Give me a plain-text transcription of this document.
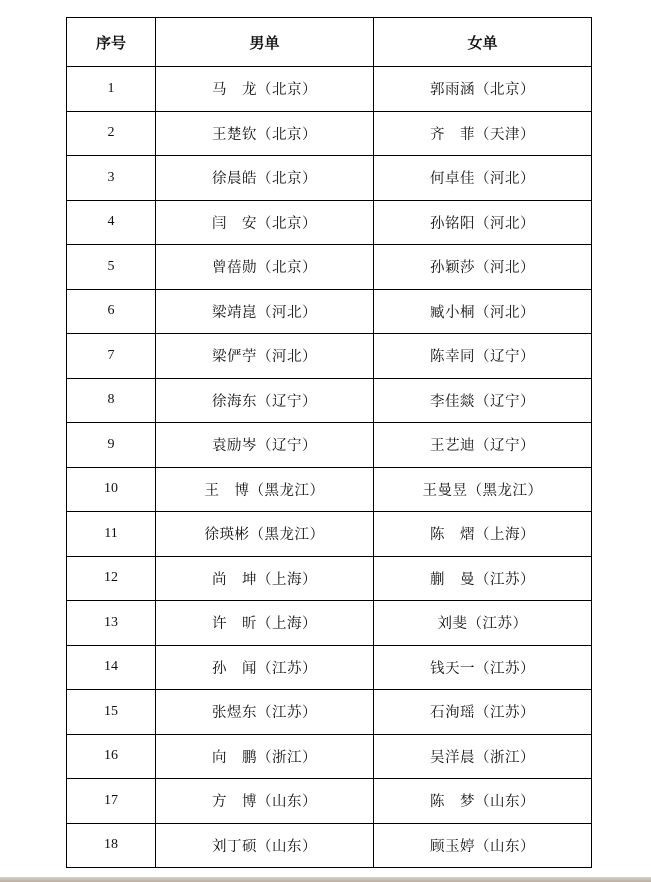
序号	男单	女单
1	马　龙（北京）	郭雨涵（北京）
2	王楚钦（北京）	齐　菲（天津）
3	徐晨皓（北京）	何卓佳（河北）
4	闫　安（北京）	孙铭阳（河北）
5	曾蓓勋（北京）	孙颖莎（河北）
6	梁靖崑（河北）	臧小桐（河北）
7	梁俨苧（河北）	陈幸同（辽宁）
8	徐海东（辽宁）	李佳燚（辽宁）
9	袁励岑（辽宁）	王艺迪（辽宁）
10	王　博（黑龙江）	王曼昱（黑龙江）
11	徐瑛彬（黑龙江）	陈　熠（上海）
12	尚　坤（上海）	蒯　曼（江苏）
13	许　昕（上海）	刘斐（江苏）
14	孙　闻（江苏）	钱天一（江苏）
15	张煜东（江苏）	石洵瑶（江苏）
16	向　鹏（浙江）	吴洋晨（浙江）
17	方　博（山东）	陈　梦（山东）
18	刘丁硕（山东）	顾玉婷（山东）
